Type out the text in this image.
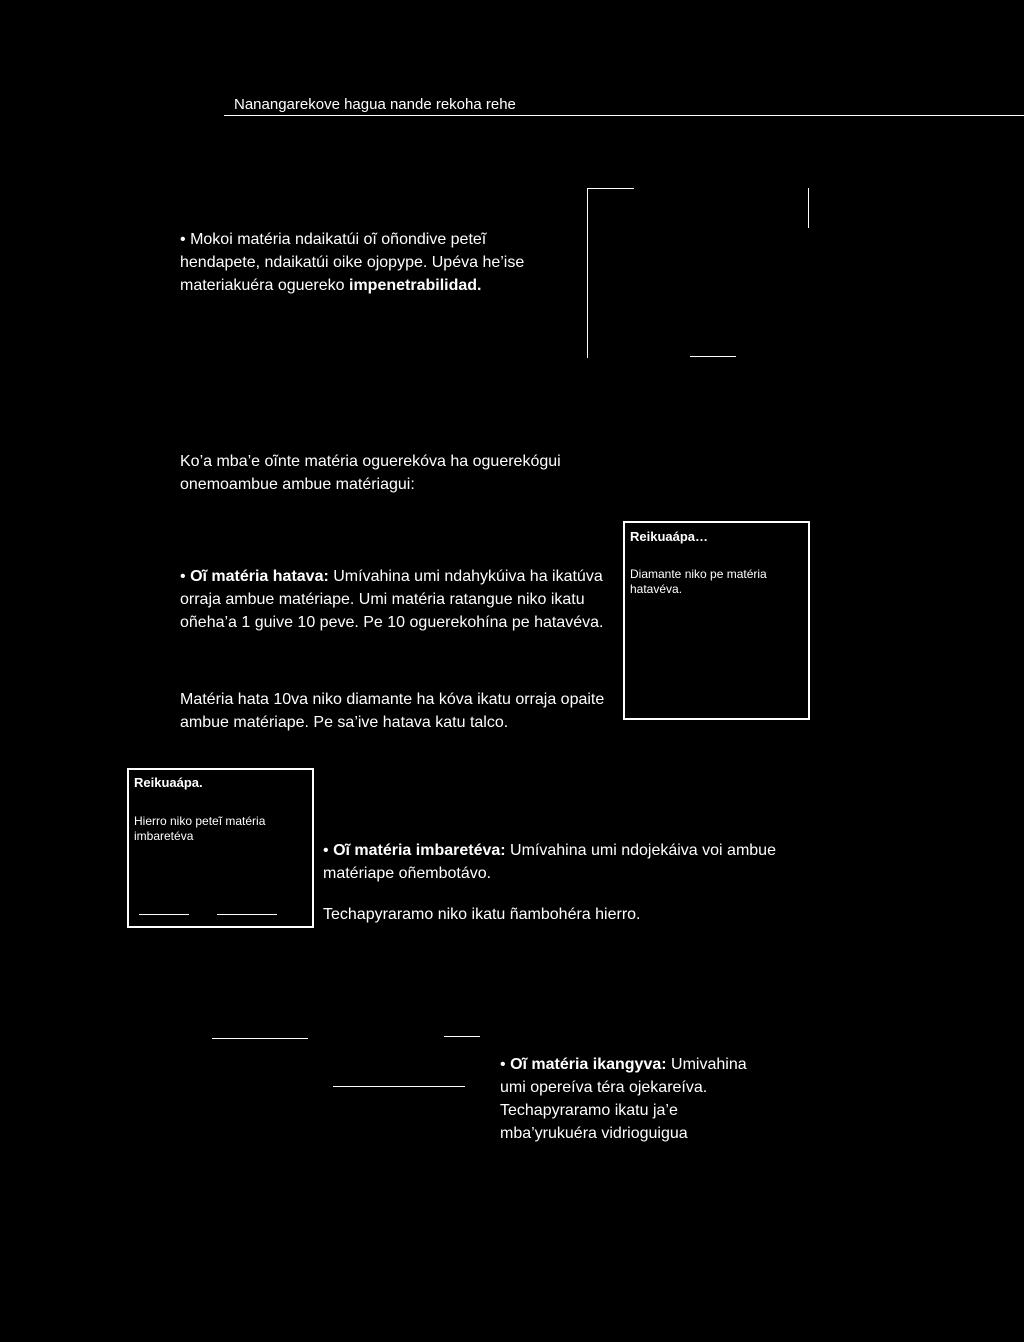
Nanangarekove hagua nande rekoha rehe
• Mokoi matéria ndaikatúi oĩ oñondive peteĩ hendapete, ndaikatúi oike ojopype. Upéva he’ise materiakuéra oguereko impenetrabilidad.
Ko’a mba’e oĩnte matéria oguerekóva ha oguerekógui onemoambue ambue matériagui:
• Oĩ matéria hatava: Umívahina umi ndahykúiva ha ikatúva orraja ambue matériape. Umi matéria ratangue niko ikatu oñeha’a 1 guive 10 peve. Pe 10 oguerekohína pe hatavéva.
Matéria hata 10va niko diamante ha kóva ikatu orraja opaite ambue matériape. Pe sa’ive hatava katu talco.
Reikuaápa…
Diamante niko pe matéria hatavéva.
Reikuaápa.
Hierro niko peteĩ matéria imbaretéva
• Oĩ matéria imbaretéva: Umívahina umi ndojekáiva voi ambue matériape oñembotávo.
Techapyraramo niko ikatu ñambohéra hierro.
• Oĩ matéria ikangyva: Umivahina umi opereíva téra ojekareíva. Techapyraramo ikatu ja’e mba’yrukuéra vidrioguigua
